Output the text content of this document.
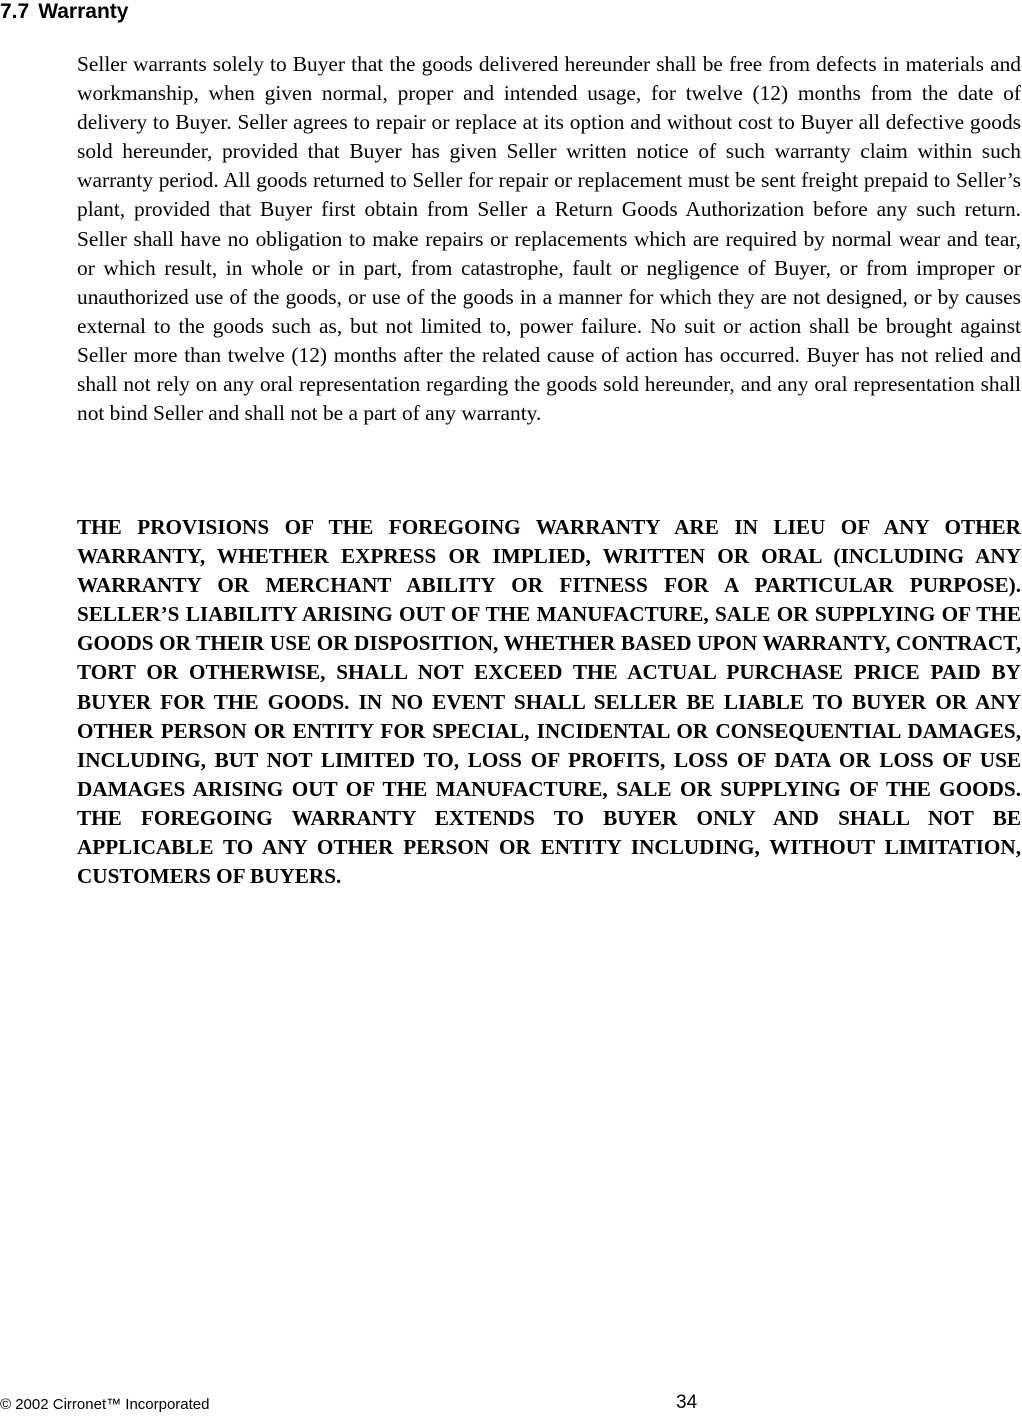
7.7 Warranty

Seller warrants solely to Buyer that the goods delivered hereunder shall be free from defects in materials and workmanship, when given normal, proper and intended usage, for twelve (12) months from the date of delivery to Buyer. Seller agrees to repair or replace at its option and without cost to Buyer all defective goods sold hereunder, provided that Buyer has given Seller written notice of such warranty claim within such warranty period. All goods returned to Seller for repair or replacement must be sent freight prepaid to Seller’s plant, provided that Buyer first obtain from Seller a Return Goods Authorization before any such return. Seller shall have no obligation to make repairs or replacements which are required by normal wear and tear, or which result, in whole or in part, from catastrophe, fault or negligence of Buyer, or from improper or unauthorized use of the goods, or use of the goods in a manner for which they are not designed, or by causes external to the goods such as, but not limited to, power failure. No suit or action shall be brought against Seller more than twelve (12) months after the related cause of action has occurred. Buyer has not relied and shall not rely on any oral representation regarding the goods sold hereunder, and any oral representation shall not bind Seller and shall not be a part of any warranty.

THE PROVISIONS OF THE FOREGOING WARRANTY ARE IN LIEU OF ANY OTHER WARRANTY, WHETHER EXPRESS OR IMPLIED, WRITTEN OR ORAL (INCLUDING ANY WARRANTY OR MERCHANT ABILITY OR FITNESS FOR A PARTICULAR PURPOSE). SELLER’S LIABILITY ARISING OUT OF THE MANUFACTURE, SALE OR SUPPLYING OF THE GOODS OR THEIR USE OR DISPOSITION, WHETHER BASED UPON WARRANTY, CONTRACT, TORT OR OTHERWISE, SHALL NOT EXCEED THE ACTUAL PURCHASE PRICE PAID BY BUYER FOR THE GOODS. IN NO EVENT SHALL SELLER BE LIABLE TO BUYER OR ANY OTHER PERSON OR ENTITY FOR SPECIAL, INCIDENTAL OR CONSEQUENTIAL DAMAGES, INCLUDING, BUT NOT LIMITED TO, LOSS OF PROFITS, LOSS OF DATA OR LOSS OF USE DAMAGES ARISING OUT OF THE MANUFACTURE, SALE OR SUPPLYING OF THE GOODS. THE FOREGOING WARRANTY EXTENDS TO BUYER ONLY AND SHALL NOT BE APPLICABLE TO ANY OTHER PERSON OR ENTITY INCLUDING, WITHOUT LIMITATION, CUSTOMERS OF BUYERS.

© 2002 Cirronet™ Incorporated	34
